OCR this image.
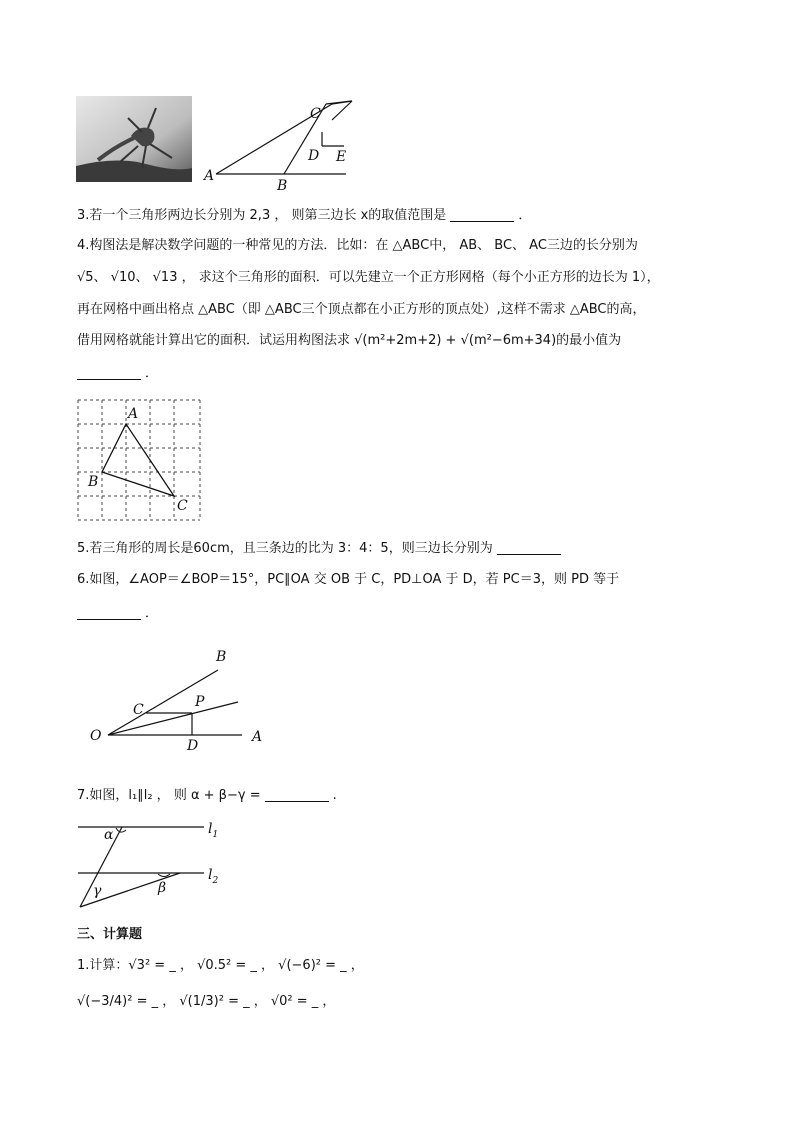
A
B
C
D E
3.若一个三角形两边长分别为 2,3 ， 则第三边长 x的取值范围是	．
4.构图法是解决数学问题的一种常见的方法．比如：在 △ABC中， AB、 BC、 AC三边的长分别为
√5、 √10、 √13 ， 求这个三角形的面积．可以先建立一个正方形网格（每个小正方形的边长为 1），
再在网格中画出格点 △ABC（即 △ABC三个顶点都在小正方形的顶点处）,这样不需求 △ABC的高，
借用网格就能计算出它的面积．试运用构图法求 √(m²+2m+2) + √(m²−6m+34)的最小值为
．
A
B
C
5.若三角形的周长是60cm，且三条边的比为 3：4：5，则三边长分别为
6.如图，∠AOP＝∠BOP＝15°，PC∥OA 交 OB 于 C，PD⊥OA 于 D，若 PC＝3，则 PD 等于
．
O	A
B
C	P
D
7.如图，l₁∥l₂ ， 则 α + β−γ =	.
α
β
γ
$l_1$
$l_2$
三、计算题
1.计算：√3² = _ ， √0.5² = _ ， √(−6)² = _ ，
√(−3/4)² = _ ， √(1/3)² = _ ， √0² = _ ，
